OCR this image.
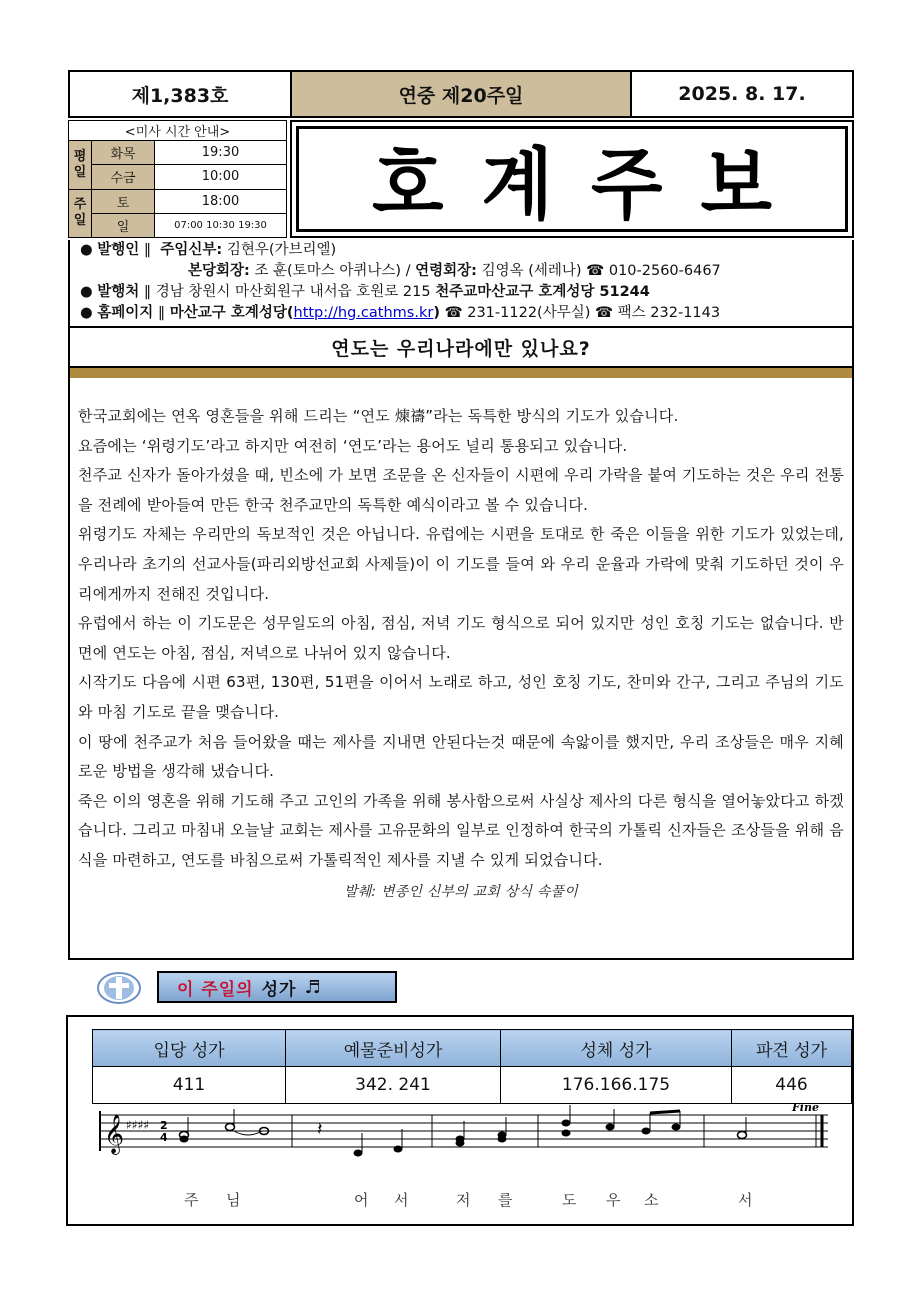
제1,383호	연중 제20주일	2025. 8. 17.
<미사 시간 안내>		
평일	화목	19:30
	수금	10:00
주일	토	18:00
	일	07:00 10:30 19:30 호계주보
● 발행인 ‖  주임신부: 김현우(가브리엘)
본당회장: 조 훈(토마스 아퀴나스) / 연령회장: 김영옥 (세레나) ☎ 010-2560-6467
● 발행처 ‖ 경남 창원시 마산회원구 내서읍 호원로 215 천주교마산교구 호계성당 51244
● 홈페이지 ‖ 마산교구 호계성당(http://hg.cathms.kr) ☎ 231-1122(사무실) ☎ 팩스 232-1143
연도는 우리나라에만 있나요?

한국교회에는 연옥 영혼들을 위해 드리는 “연도 煉禱”라는 독특한 방식의 기도가 있습니다.

요즘에는 ‘위령기도’라고 하지만 여전히 ‘연도’라는 용어도 널리 통용되고 있습니다.

천주교 신자가 돌아가셨을 때, 빈소에 가 보면 조문을 온 신자들이 시편에 우리 가락을 붙여 기도하는 것은 우리 전통을 전례에 받아들여 만든 한국 천주교만의 독특한 예식이라고 볼 수 있습니다.

위령기도 자체는 우리만의 독보적인 것은 아닙니다. 유럽에는 시편을 토대로 한 죽은 이들을 위한 기도가 있었는데, 우리나라 초기의 선교사들(파리외방선교회 사제들)이 이 기도를 들여 와 우리 운율과 가락에 맞춰 기도하던 것이 우리에게까지 전해진 것입니다.

유럽에서 하는 이 기도문은 성무일도의 아침, 점심, 저녁 기도 형식으로 되어 있지만 성인 호칭 기도는 없습니다. 반면에 연도는 아침, 점심, 저녁으로 나뉘어 있지 않습니다.

시작기도 다음에 시편 63편, 130편, 51편을 이어서 노래로 하고, 성인 호칭 기도, 찬미와 간구, 그리고 주님의 기도와 마침 기도로 끝을 맺습니다.

이 땅에 천주교가 처음 들어왔을 때는 제사를 지내면 안된다는것 때문에 속앓이를 했지만, 우리 조상들은 매우 지혜로운 방법을 생각해 냈습니다.

죽은 이의 영혼을 위해 기도해 주고 고인의 가족을 위해 봉사함으로써 사실상 제사의 다른 형식을 열어놓았다고 하겠습니다. 그리고 마침내 오늘날 교회는 제사를 고유문화의 일부로 인정하여 한국의 가톨릭 신자들은 조상들을 위해 음식을 마련하고, 연도를 바침으로써 가톨릭적인 제사를 지낼 수 있게 되었습니다.

발췌: 변종인 신부의 교회 상식 속풀이

이 주일의 성가 ♬
입당 성가	예물준비성가	성체 성가	파견 성가
411	342. 241	176.166.175	446
𝄞 ♯♯♯♯ 2
4	𝄽
Fine
주 님	어 서	저 를	도 우 소	서
